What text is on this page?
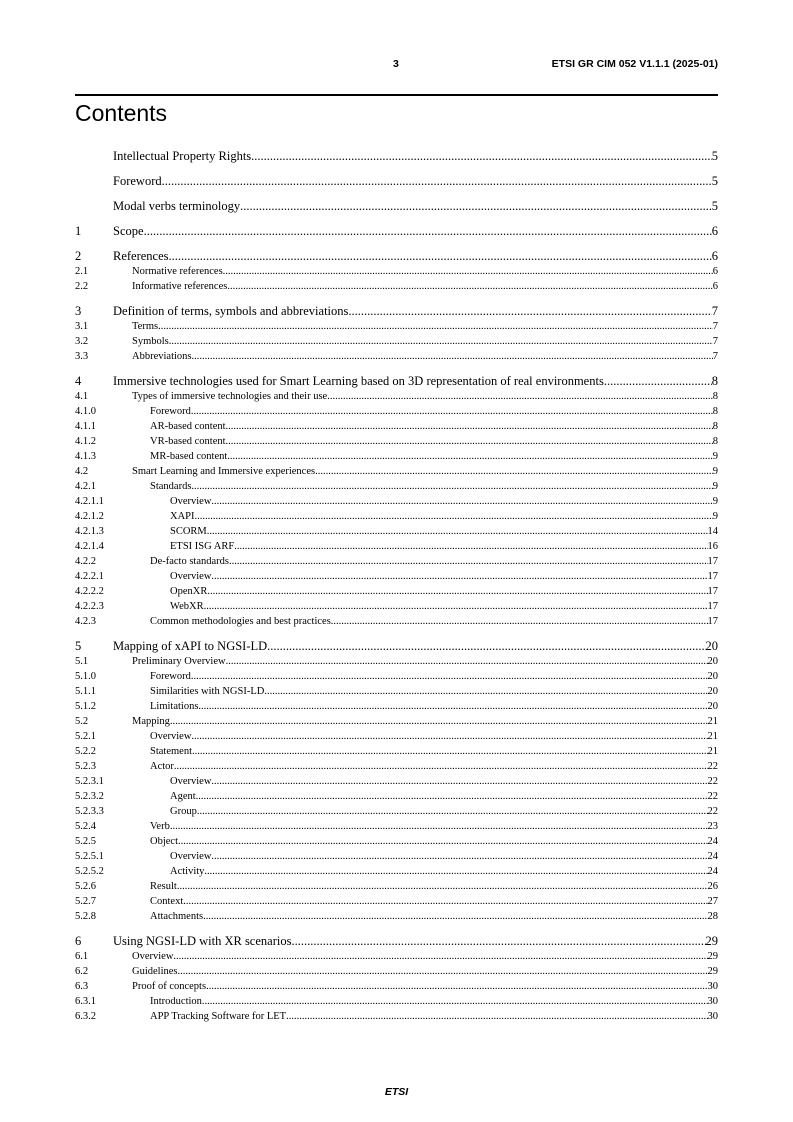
3	ETSI GR CIM 052 V1.1.1 (2025-01)
Contents
Intellectual Property Rights .....	5
Foreword .....	5
Modal verbs terminology .....	5
1	Scope .....	6
2	References .....	6
2.1	Normative references .....	6
2.2	Informative references .....	6
3	Definition of terms, symbols and abbreviations .....	7
3.1	Terms .....	7
3.2	Symbols .....	7
3.3	Abbreviations .....	7
4	Immersive technologies used for Smart Learning based on 3D representation of real environments .....	8
4.1	Types of immersive technologies and their use .....	8
4.1.0	Foreword .....	8
4.1.1	AR-based content .....	8
4.1.2	VR-based content .....	8
4.1.3	MR-based content .....	9
4.2	Smart Learning and Immersive experiences .....	9
4.2.1	Standards .....	9
4.2.1.1	Overview .....	9
4.2.1.2	XAPI .....	9
4.2.1.3	SCORM .....	14
4.2.1.4	ETSI ISG ARF .....	16
4.2.2	De-facto standards .....	17
4.2.2.1	Overview .....	17
4.2.2.2	OpenXR .....	17
4.2.2.3	WebXR .....	17
4.2.3	Common methodologies and best practices .....	17
5	Mapping of xAPI to NGSI-LD .....	20
5.1	Preliminary Overview .....	20
5.1.0	Foreword .....	20
5.1.1	Similarities with NGSI-LD .....	20
5.1.2	Limitations .....	20
5.2	Mapping .....	21
5.2.1	Overview .....	21
5.2.2	Statement .....	21
5.2.3	Actor .....	22
5.2.3.1	Overview .....	22
5.2.3.2	Agent .....	22
5.2.3.3	Group .....	22
5.2.4	Verb .....	23
5.2.5	Object .....	24
5.2.5.1	Overview .....	24
5.2.5.2	Activity .....	24
5.2.6	Result .....	26
5.2.7	Context .....	27
5.2.8	Attachments .....	28
6	Using NGSI-LD with XR scenarios .....	29
6.1	Overview .....	29
6.2	Guidelines .....	29
6.3	Proof of concepts .....	30
6.3.1	Introduction .....	30
6.3.2	APP Tracking Software for LET .....	30
ETSI
